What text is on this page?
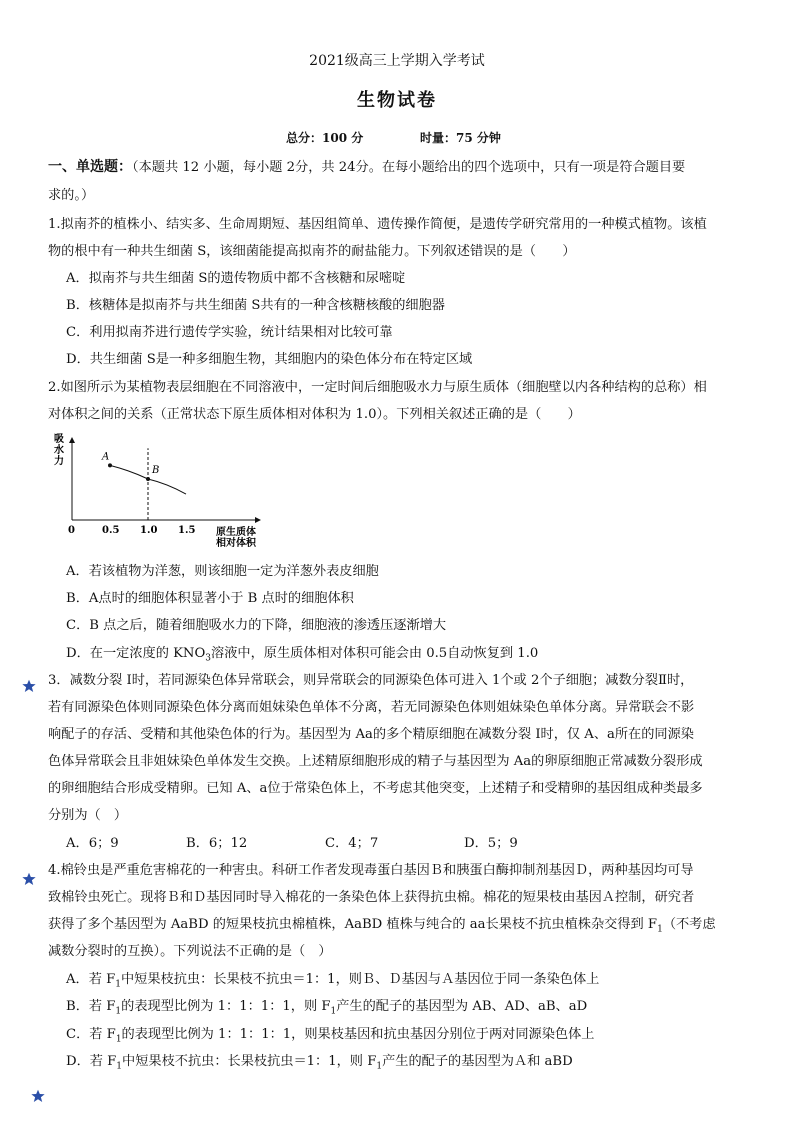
2021级高三上学期入学考试
生物试卷
总分：100 分	时量：75 分钟
一、单选题：（本题共 12 小题，每小题 2分，共 24分。在每小题给出的四个选项中，只有一项是符合题目要
求的。）
1.拟南芥的植株小、结实多、生命周期短、基因组简单、遗传操作简便，是遗传学研究常用的一种模式植物。该植
物的根中有一种共生细菌 S，该细菌能提高拟南芥的耐盐能力。下列叙述错误的是（　　）
A．拟南芥与共生细菌 S的遗传物质中都不含核糖和尿嘧啶
B．核糖体是拟南芥与共生细菌 S共有的一种含核糖核酸的细胞器
C．利用拟南芥进行遗传学实验，统计结果相对比较可靠
D．共生细菌 S是一种多细胞生物，其细胞内的染色体分布在特定区域
2.如图所示为某植物表层细胞在不同溶液中，一定时间后细胞吸水力与原生质体（细胞壁以内各种结构的总称）相
对体积之间的关系（正常状态下原生质体相对体积为 1.0）。下列相关叙述正确的是（　　）
吸
水
力
0	0.5 1.0 1.5 原生质体
相对体积
A
B
A．若该植物为洋葱，则该细胞一定为洋葱外表皮细胞
B．A点时的细胞体积显著小于 B 点时的细胞体积
C．B 点之后，随着细胞吸水力的下降，细胞液的渗透压逐渐增大
D．在一定浓度的 $KNO_3$溶液中，原生质体相对体积可能会由 0.5自动恢复到 1.0
3．减数分裂 I时，若同源染色体异常联会，则异常联会的同源染色体可进入 1个或 2个子细胞；减数分裂Ⅱ时，
若有同源染色体则同源染色体分离而姐妹染色单体不分离，若无同源染色体则姐妹染色单体分离。异常联会不影
响配子的存活、受精和其他染色体的行为。基因型为 Aa的多个精原细胞在减数分裂 I时，仅 A、a所在的同源染
色体异常联会且非姐妹染色单体发生交换。上述精原细胞形成的精子与基因型为 Aa的卵原细胞正常减数分裂形成
的卵细胞结合形成受精卵。已知 A、a位于常染色体上，不考虑其他突变，上述精子和受精卵的基因组成种类最多
分别为（　）
A．6；9	B．6；12	C．4；7	D．5；9
4.棉铃虫是严重危害棉花的一种害虫。科研工作者发现毒蛋白基因Ｂ和胰蛋白酶抑制剂基因Ｄ，两种基因均可导
致棉铃虫死亡。现将Ｂ和Ｄ基因同时导入棉花的一条染色体上获得抗虫棉。棉花的短果枝由基因Ａ控制，研究者
获得了多个基因型为 AaBD 的短果枝抗虫棉植株，AaBD 植株与纯合的 aa长果枝不抗虫植株杂交得到 $F_1$（不考虑
减数分裂时的互换）。下列说法不正确的是（　）
A．若 $F_1$中短果枝抗虫：长果枝不抗虫＝1：1，则Ｂ、Ｄ基因与Ａ基因位于同一条染色体上
B．若 $F_1$的表现型比例为 1：1：1：1，则 $F_1$产生的配子的基因型为 AB、AD、aB、aD
C．若 $F_1$的表现型比例为 1：1：1：1，则果枝基因和抗虫基因分别位于两对同源染色体上
D．若 $F_1$中短果枝不抗虫：长果枝抗虫＝1：1，则 $F_1$产生的配子的基因型为Ａ和 aBD
